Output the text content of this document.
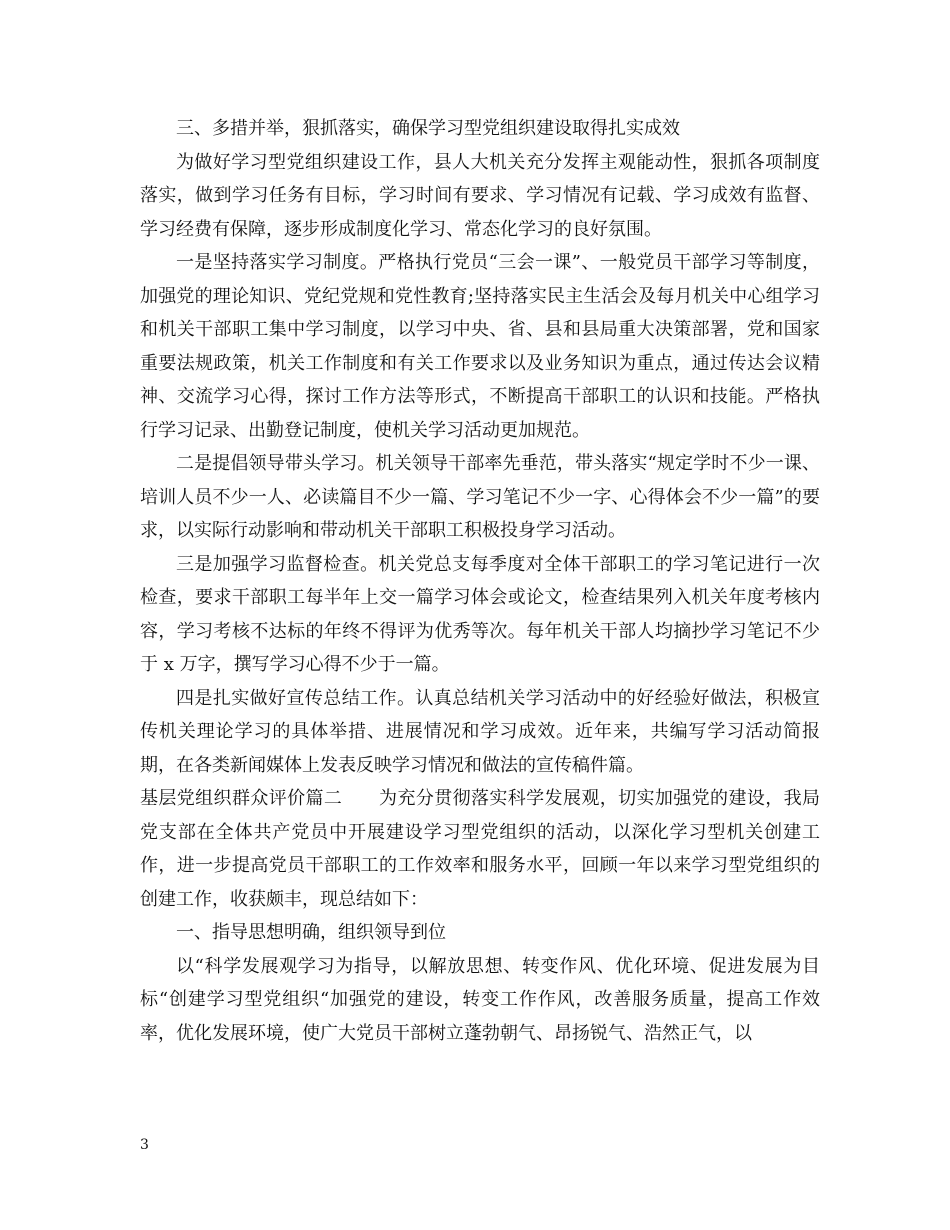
三、多措并举，狠抓落实，确保学习型党组织建设取得扎实成效

为做好学习型党组织建设工作，县人大机关充分发挥主观能动性，狠抓各项制度落实，做到学习任务有目标，学习时间有要求、学习情况有记载、学习成效有监督、学习经费有保障，逐步形成制度化学习、常态化学习的良好氛围。

一是坚持落实学习制度。严格执行党员“三会一课”、一般党员干部学习等制度，加强党的理论知识、党纪党规和党性教育;坚持落实民主生活会及每月机关中心组学习和机关干部职工集中学习制度，以学习中央、省、县和县局重大决策部署，党和国家重要法规政策，机关工作制度和有关工作要求以及业务知识为重点，通过传达会议精神、交流学习心得，探讨工作方法等形式，不断提高干部职工的认识和技能。严格执行学习记录、出勤登记制度，使机关学习活动更加规范。

二是提倡领导带头学习。机关领导干部率先垂范，带头落实“规定学时不少一课、培训人员不少一人、必读篇目不少一篇、学习笔记不少一字、心得体会不少一篇”的要求，以实际行动影响和带动机关干部职工积极投身学习活动。

三是加强学习监督检查。机关党总支每季度对全体干部职工的学习笔记进行一次检查，要求干部职工每半年上交一篇学习体会或论文，检查结果列入机关年度考核内容，学习考核不达标的年终不得评为优秀等次。每年机关干部人均摘抄学习笔记不少于 x 万字，撰写学习心得不少于一篇。

四是扎实做好宣传总结工作。认真总结机关学习活动中的好经验好做法，积极宣传机关理论学习的具体举措、进展情况和学习成效。近年来，共编写学习活动简报期，在各类新闻媒体上发表反映学习情况和做法的宣传稿件篇。

基层党组织群众评价篇二　　为充分贯彻落实科学发展观，切实加强党的建设，我局党支部在全体共产党员中开展建设学习型党组织的活动，以深化学习型机关创建工作，进一步提高党员干部职工的工作效率和服务水平，回顾一年以来学习型党组织的创建工作，收获颇丰，现总结如下：

一、指导思想明确，组织领导到位

以“科学发展观学习为指导，以解放思想、转变作风、优化环境、促进发展为目标“创建学习型党组织“加强党的建设，转变工作作风，改善服务质量，提高工作效率，优化发展环境，使广大党员干部树立蓬勃朝气、昂扬锐气、浩然正气，以

3
